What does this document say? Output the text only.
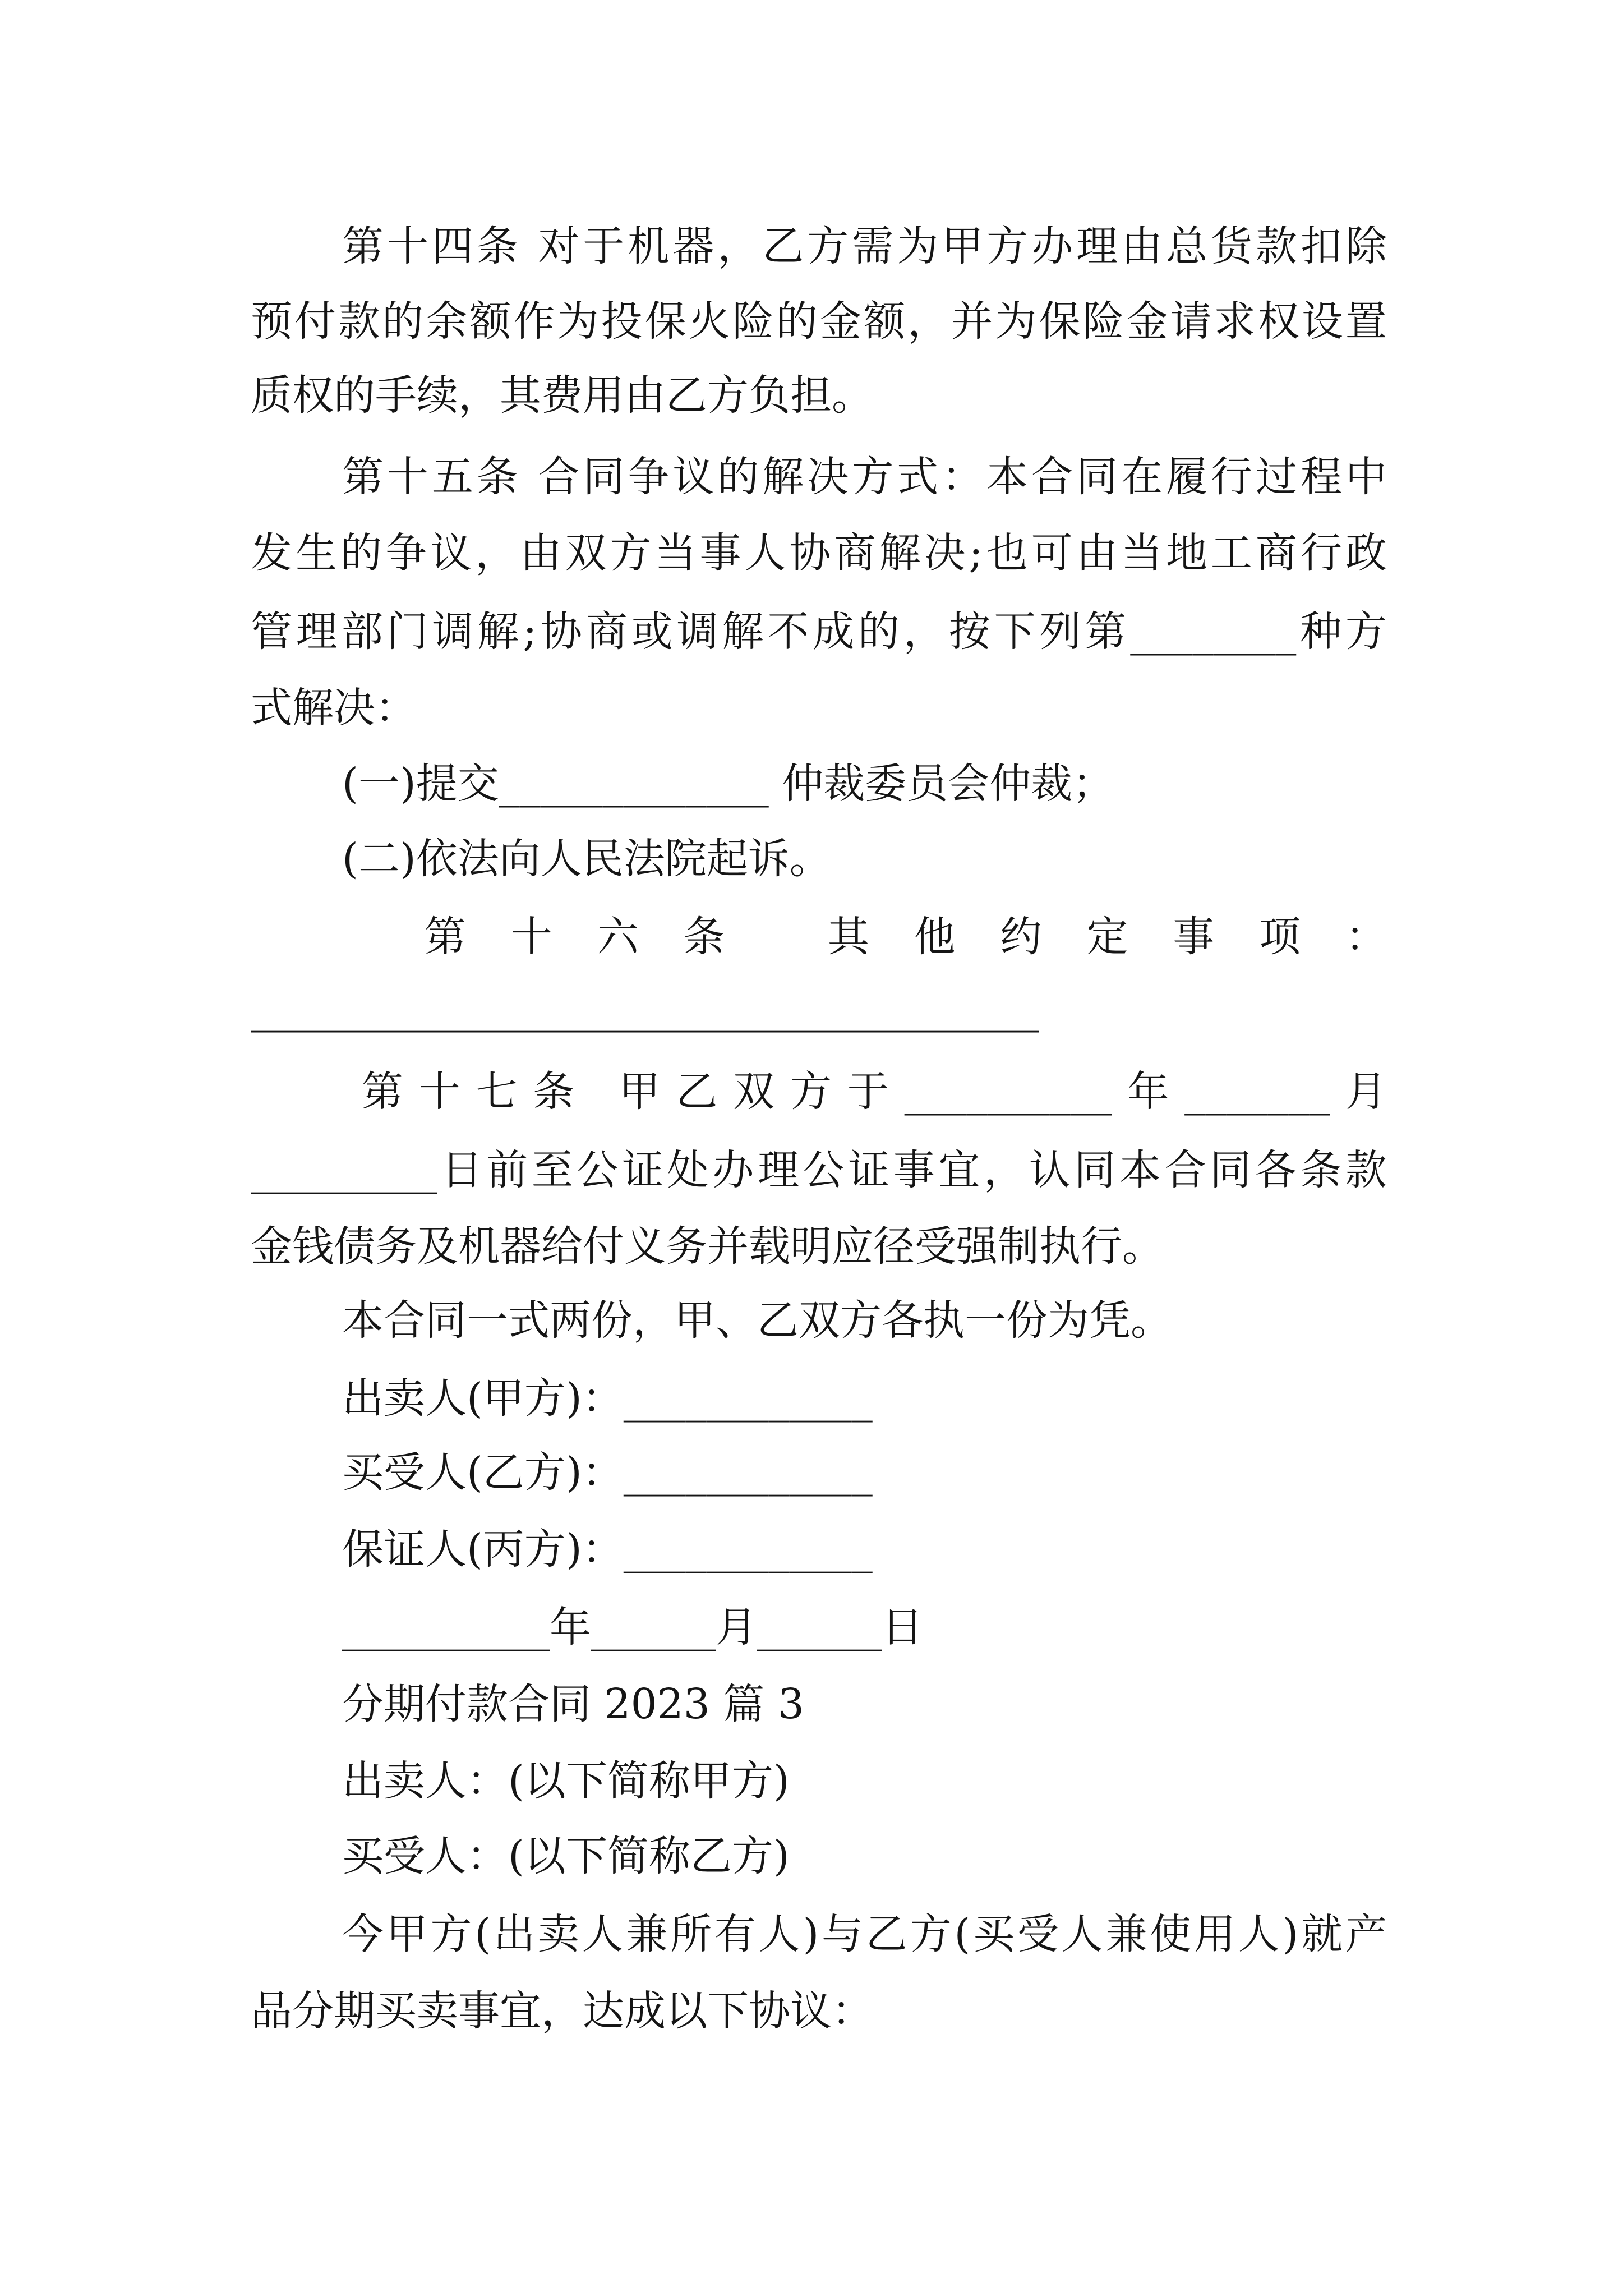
第十四条 对于机器，乙方需为甲方办理由总货款扣除
预付款的余额作为投保火险的金额，并为保险金请求权设置
质权的手续，其费用由乙方负担。
第十五条 合同争议的解决方式：本合同在履行过程中
发生的争议，由双方当事人协商解决;也可由当地工商行政
管理部门调解;协商或调解不成的，按下列第________种方
式解决：
(一)提交_____________ 仲裁委员会仲裁；
(二)依法向人民法院起诉。
第十六条 其他约定事项：
______________________________________
第十七条 甲乙双方于__________年_______月
_________日前至公证处办理公证事宜，认同本合同各条款
金钱债务及机器给付义务并载明应径受强制执行。
本合同一式两份，甲、乙双方各执一份为凭。
出卖人(甲方)：____________
买受人(乙方)：____________
保证人(丙方)：____________
__________年______月______日
分期付款合同 2023 篇 3
出卖人：(以下简称甲方)
买受人：(以下简称乙方)
今甲方(出卖人兼所有人)与乙方(买受人兼使用人)就产
品分期买卖事宜，达成以下协议：
